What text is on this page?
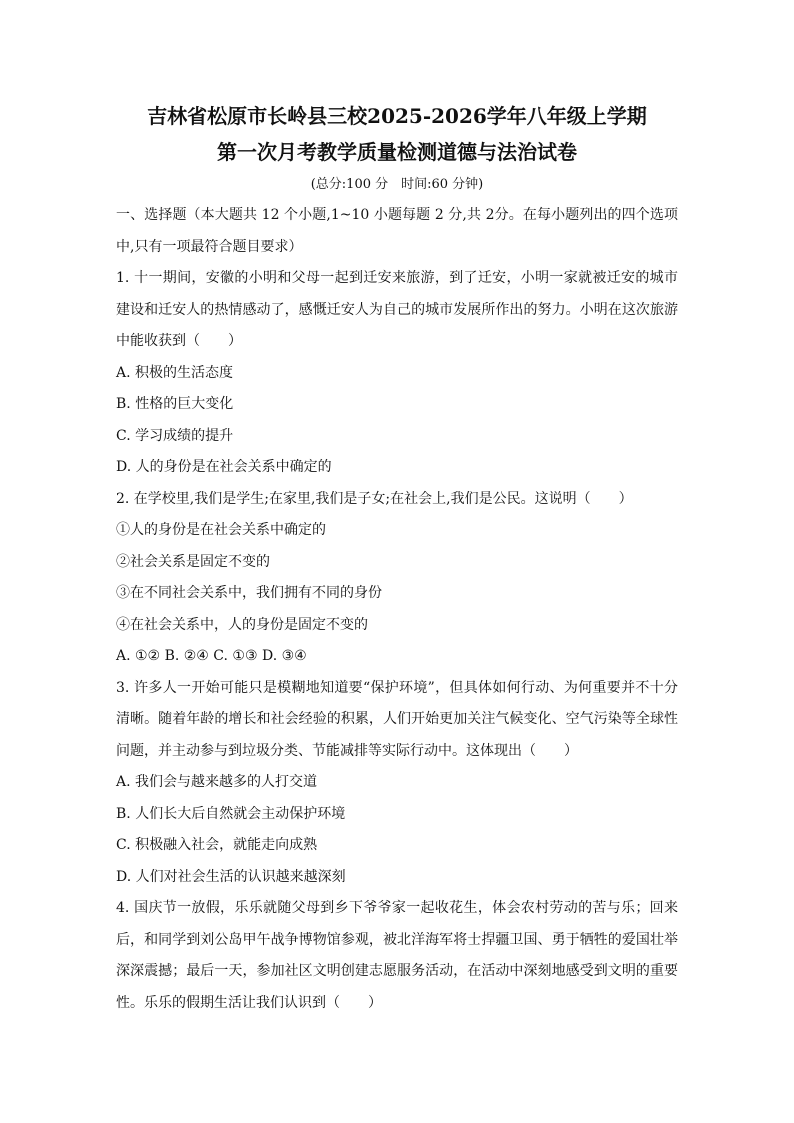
吉林省松原市长岭县三校2025-2026学年八年级上学期
第一次月考教学质量检测道德与法治试卷
(总分:100 分　时间:60 分钟)

一、选择题（本大题共 12 个小题,1~10 小题每题 2 分,共 2分。在每小题列出的四个选项中,只有一项最符合题目要求）

1. 十一期间，安徽的小明和父母一起到迁安来旅游，到了迁安，小明一家就被迁安的城市建设和迁安人的热情感动了，感慨迁安人为自己的城市发展所作出的努力。小明在这次旅游中能收获到（　　）

A. 积极的生活态度

B. 性格的巨大变化

C. 学习成绩的提升

D. 人的身份是在社会关系中确定的

2. 在学校里,我们是学生;在家里,我们是子女;在社会上,我们是公民。这说明（　　）

①人的身份是在社会关系中确定的

②社会关系是固定不变的

③在不同社会关系中，我们拥有不同的身份

④在社会关系中，人的身份是固定不变的

A. ①② B. ②④ C. ①③ D. ③④

3. 许多人一开始可能只是模糊地知道要“保护环境”，但具体如何行动、为何重要并不十分清晰。随着年龄的增长和社会经验的积累，人们开始更加关注气候变化、空气污染等全球性问题，并主动参与到垃圾分类、节能减排等实际行动中。这体现出（　　）

A. 我们会与越来越多的人打交道

B. 人们长大后自然就会主动保护环境

C. 积极融入社会，就能走向成熟

D. 人们对社会生活的认识越来越深刻

4. 国庆节一放假，乐乐就随父母到乡下爷爷家一起收花生，体会农村劳动的苦与乐；回来后，和同学到刘公岛甲午战争博物馆参观，被北洋海军将士捍疆卫国、勇于牺牲的爱国壮举深深震撼；最后一天，参加社区文明创建志愿服务活动，在活动中深刻地感受到文明的重要性。乐乐的假期生活让我们认识到（　　）
